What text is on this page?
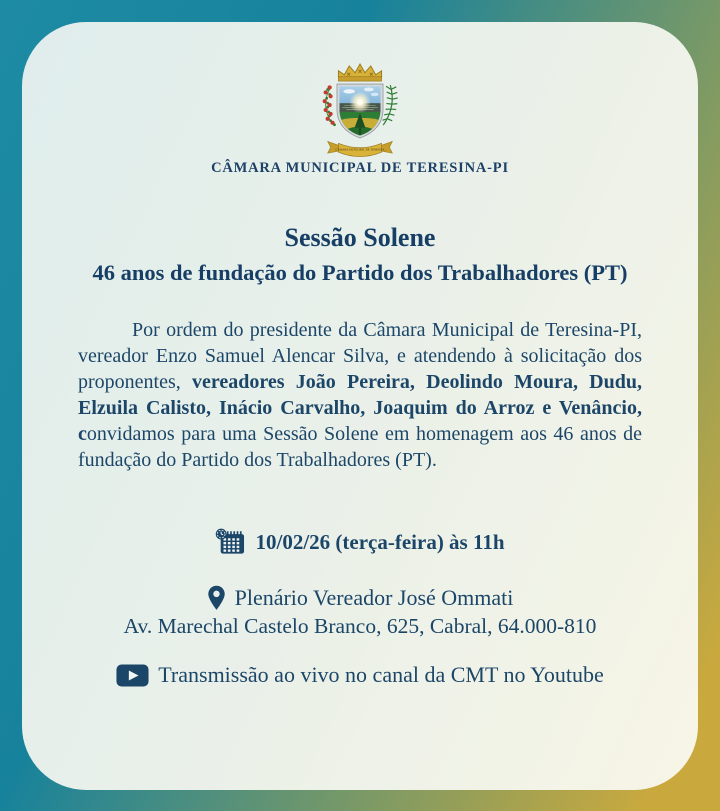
CÂMARA MUNICIPAL DE TERESINA
CÂMARA MUNICIPAL DE TERESINA-PI
Sessão Solene
46 anos de fundação do Partido dos Trabalhadores (PT)

Por ordem do presidente da Câmara Municipal de Teresina-PI, vereador Enzo Samuel Alencar Silva, e atendendo à solicitação dos proponentes, vereadores João Pereira, Deolindo Moura, Dudu, Elzuila Calisto, Inácio Carvalho, Joaquim do Arroz e Venâncio, convidamos para uma Sessão Solene em homenagem aos 46 anos de fundação do Partido dos Trabalhadores (PT).

10/02/26 (terça-feira) às 11h
Plenário Vereador José Ommati
Av. Marechal Castelo Branco, 625, Cabral, 64.000-810
Transmissão ao vivo no canal da CMT no Youtube
